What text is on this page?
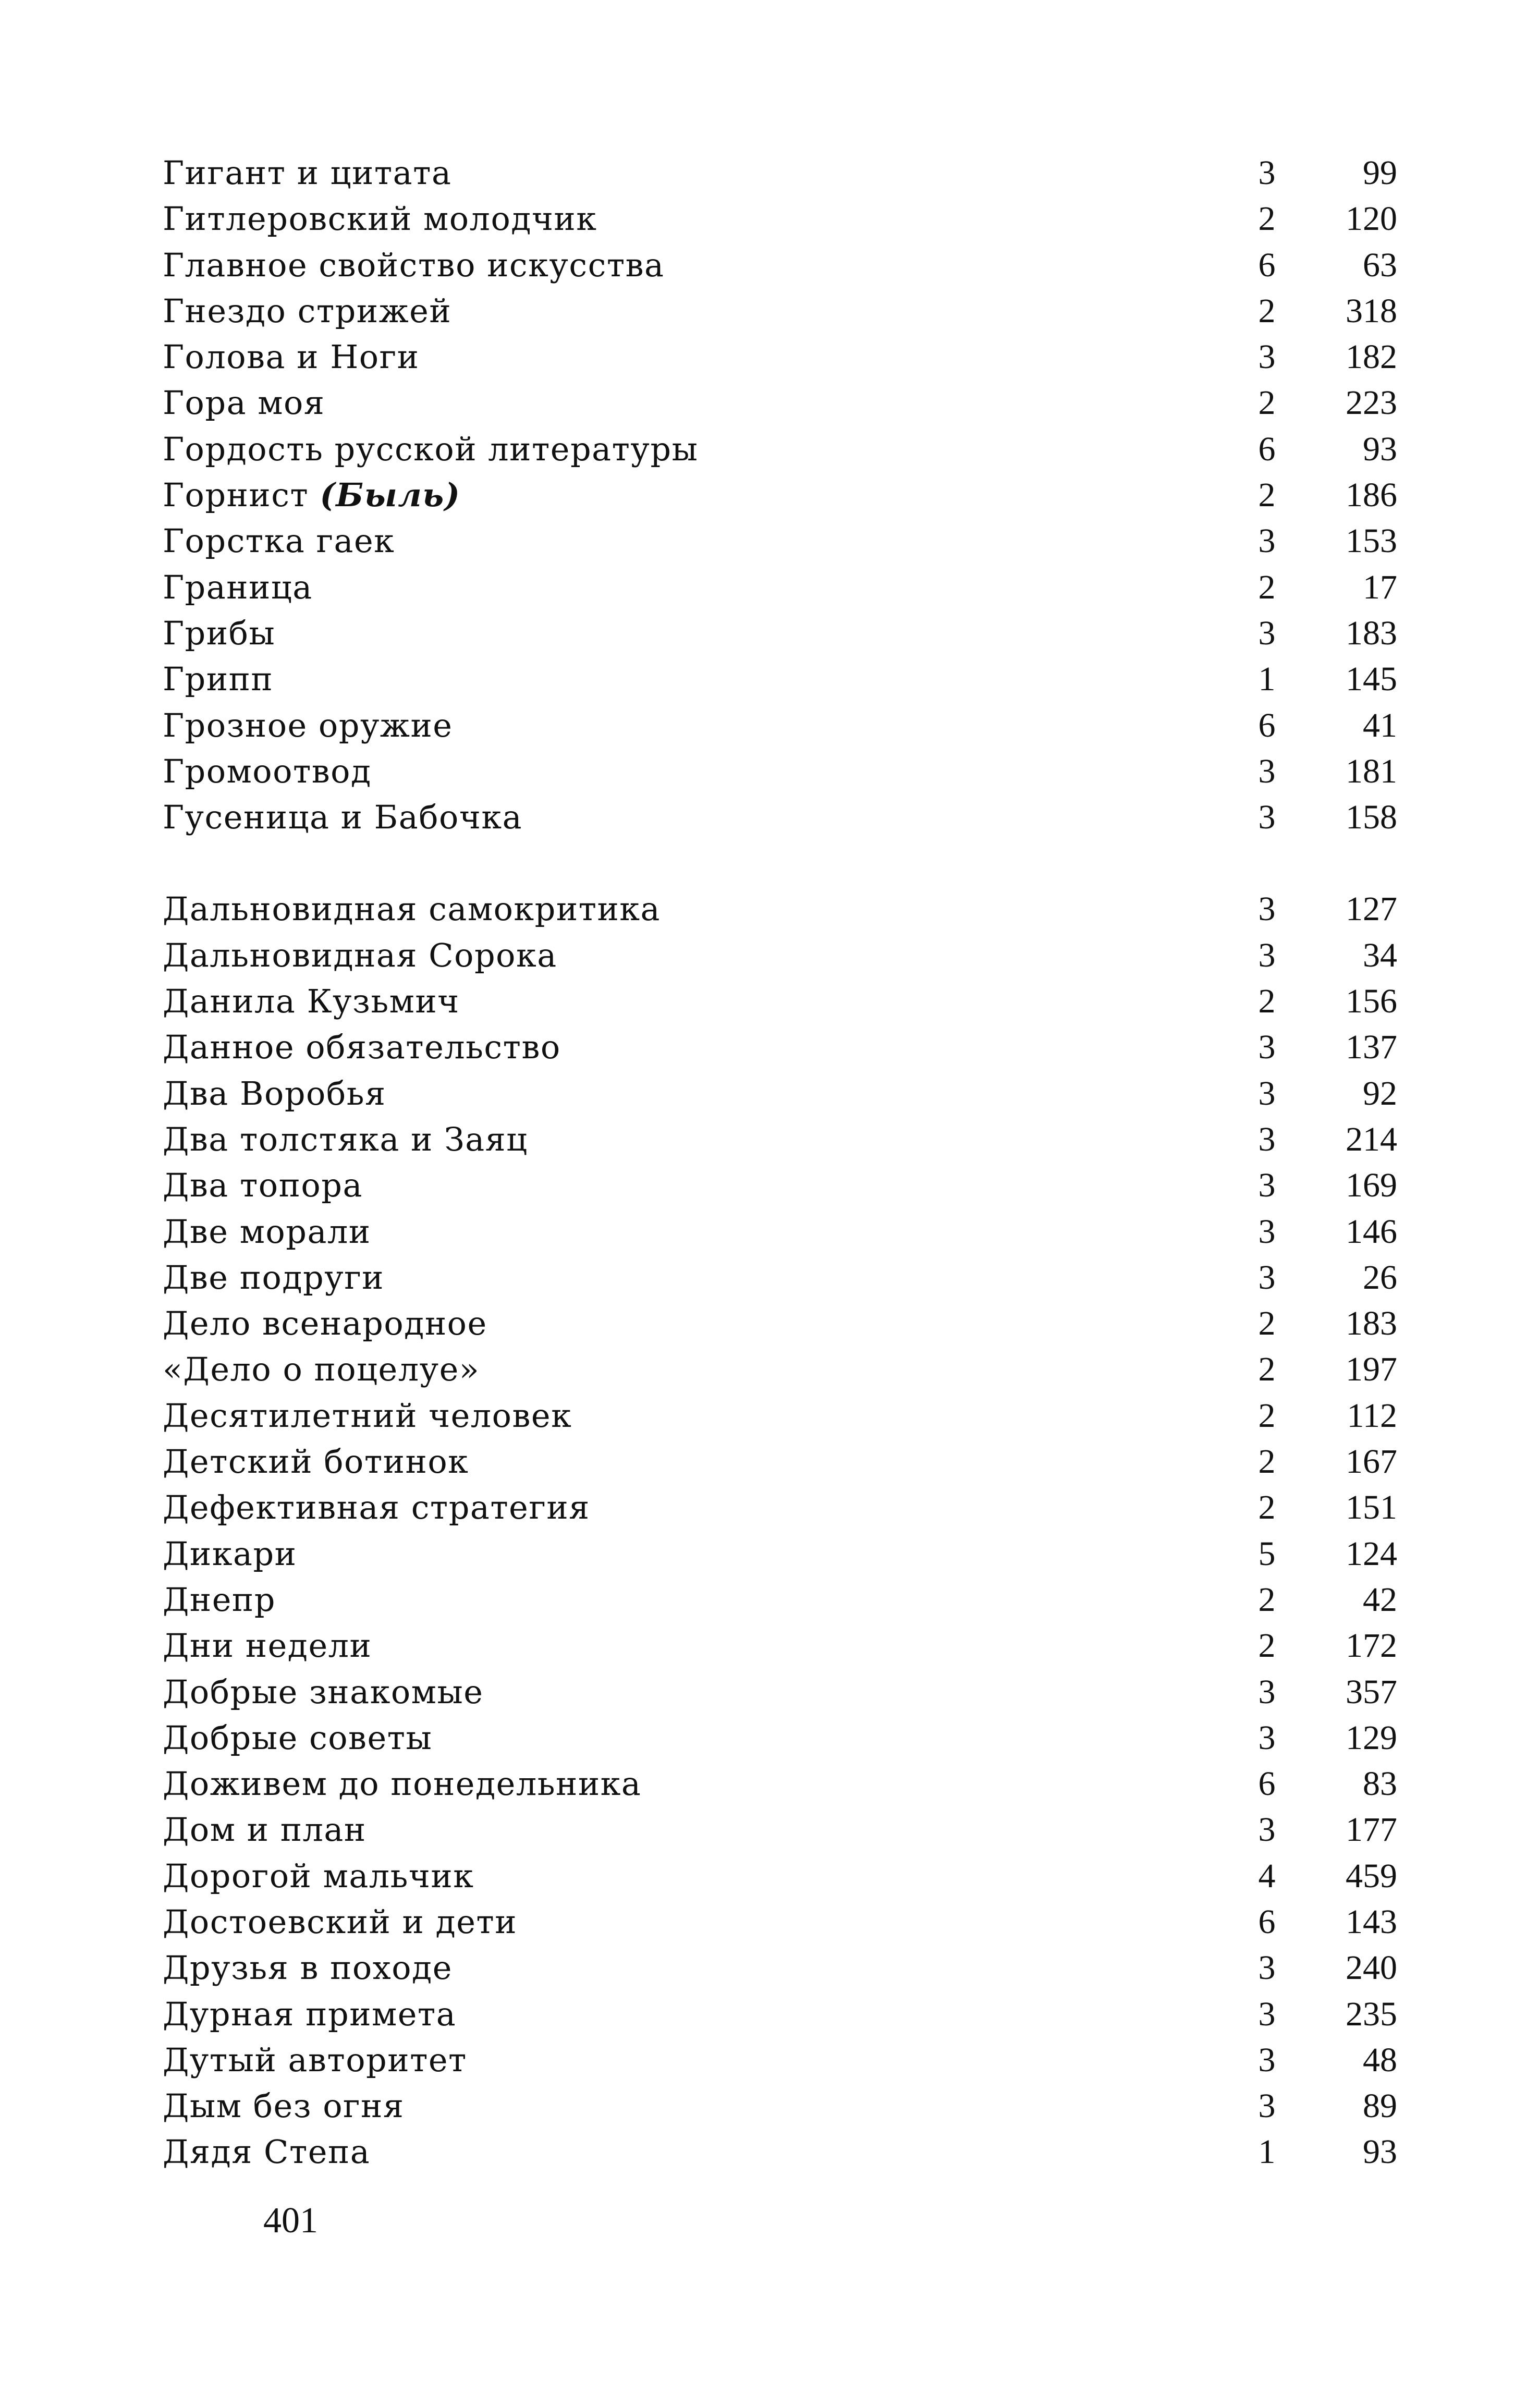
Гигант и цитата	3	99
Гитлеровский молодчик	2	120
Главное свойство искусства	6	63
Гнездо стрижей	2	318
Голова и Ноги	3	182
Гора моя	2	223
Гордость русской литературы	6	93
Горнист (Быль)	2	186
Горстка гаек	3	153
Граница	2	17
Грибы	3	183
Грипп	1	145
Грозное оружие	6	41
Громоотвод	3	181
Гусеница и Бабочка	3	158
Дальновидная самокритика	3	127
Дальновидная Сорока	3	34
Данила Кузьмич	2	156
Данное обязательство	3	137
Два Воробья	3	92
Два толстяка и Заяц	3	214
Два топора	3	169
Две морали	3	146
Две подруги	3	26
Дело всенародное	2	183
«Дело о поцелуе»	2	197
Десятилетний человек	2	112
Детский ботинок	2	167
Дефективная стратегия	2	151
Дикари	5	124
Днепр	2	42
Дни недели	2	172
Добрые знакомые	3	357
Добрые советы	3	129
Доживем до понедельника	6	83
Дом и план	3	177
Дорогой мальчик	4	459
Достоевский и дети	6	143
Друзья в походе	3	240
Дурная примета	3	235
Дутый авторитет	3	48
Дым без огня	3	89
Дядя Степа	1	93
401
